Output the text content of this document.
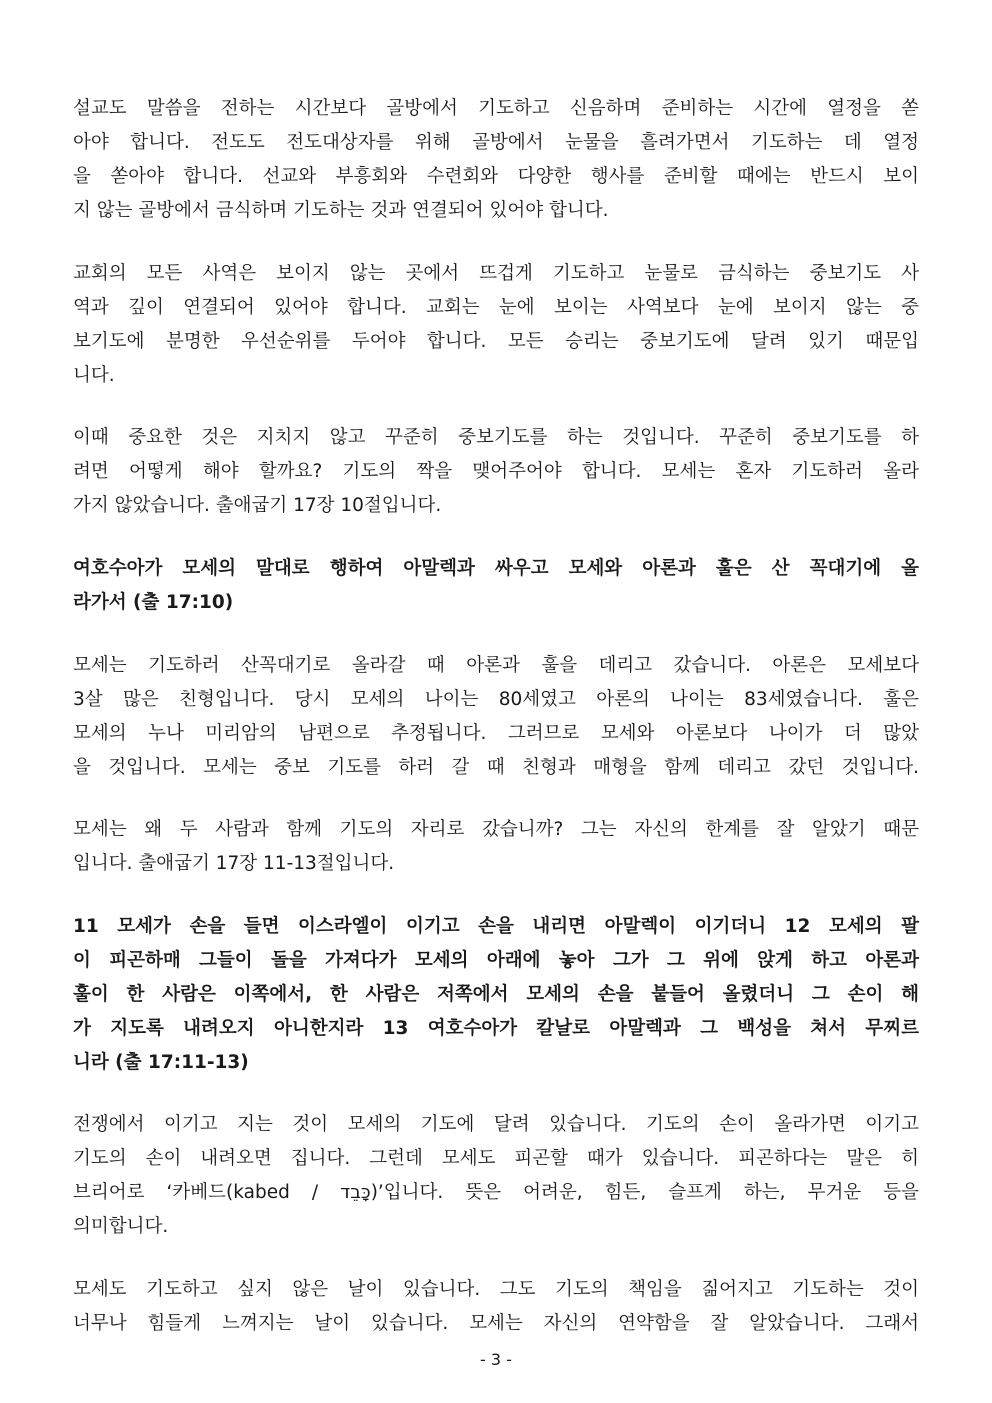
- 3 -
설교도 말씀을 전하는 시간보다 골방에서 기도하고 신음하며 준비하는 시간에 열정을 쏟
아야 합니다. 전도도 전도대상자를 위해 골방에서 눈물을 흘려가면서 기도하는 데 열정
을 쏟아야 합니다. 선교와 부흥회와 수련회와 다양한 행사를 준비할 때에는 반드시 보이
지 않는 골방에서 금식하며 기도하는 것과 연결되어 있어야 합니다.
교회의 모든 사역은 보이지 않는 곳에서 뜨겁게 기도하고 눈물로 금식하는 중보기도 사
역과 깊이 연결되어 있어야 합니다. 교회는 눈에 보이는 사역보다 눈에 보이지 않는 중
보기도에 분명한 우선순위를 두어야 합니다. 모든 승리는 중보기도에 달려 있기 때문입
니다.
이때 중요한 것은 지치지 않고 꾸준히 중보기도를 하는 것입니다. 꾸준히 중보기도를 하
려면 어떻게 해야 할까요? 기도의 짝을 맺어주어야 합니다. 모세는 혼자 기도하러 올라
가지 않았습니다. 출애굽기 17장 10절입니다.
여호수아가 모세의 말대로 행하여 아말렉과 싸우고 모세와 아론과 훌은 산 꼭대기에 올
라가서 (출 17:10)
모세는 기도하러 산꼭대기로 올라갈 때 아론과 훌을 데리고 갔습니다. 아론은 모세보다
3살 많은 친형입니다. 당시 모세의 나이는 80세였고 아론의 나이는 83세였습니다. 훌은
모세의 누나 미리암의 남편으로 추정됩니다. 그러므로 모세와 아론보다 나이가 더 많았
을 것입니다. 모세는 중보 기도를 하러 갈 때 친형과 매형을 함께 데리고 갔던 것입니다.
모세는 왜 두 사람과 함께 기도의 자리로 갔습니까? 그는 자신의 한계를 잘 알았기 때문
입니다. 출애굽기 17장 11-13절입니다.
11 모세가 손을 들면 이스라엘이 이기고 손을 내리면 아말렉이 이기더니 12 모세의 팔
이 피곤하매 그들이 돌을 가져다가 모세의 아래에 놓아 그가 그 위에 앉게 하고 아론과
훌이 한 사람은 이쪽에서, 한 사람은 저쪽에서 모세의 손을 붙들어 올렸더니 그 손이 해
가 지도록 내려오지 아니한지라 13 여호수아가 칼날로 아말렉과 그 백성을 쳐서 무찌르
니라 (출 17:11-13)
전쟁에서 이기고 지는 것이 모세의 기도에 달려 있습니다. 기도의 손이 올라가면 이기고
기도의 손이 내려오면 집니다. 그런데 모세도 피곤할 때가 있습니다. 피곤하다는 말은 히
브리어로 ‘카베드(kabed / כָּבֵד)’입니다. 뜻은 어려운, 힘든, 슬프게 하는, 무거운 등을
의미합니다.
모세도 기도하고 싶지 않은 날이 있습니다. 그도 기도의 책임을 짊어지고 기도하는 것이
너무나 힘들게 느껴지는 날이 있습니다. 모세는 자신의 연약함을 잘 알았습니다. 그래서
